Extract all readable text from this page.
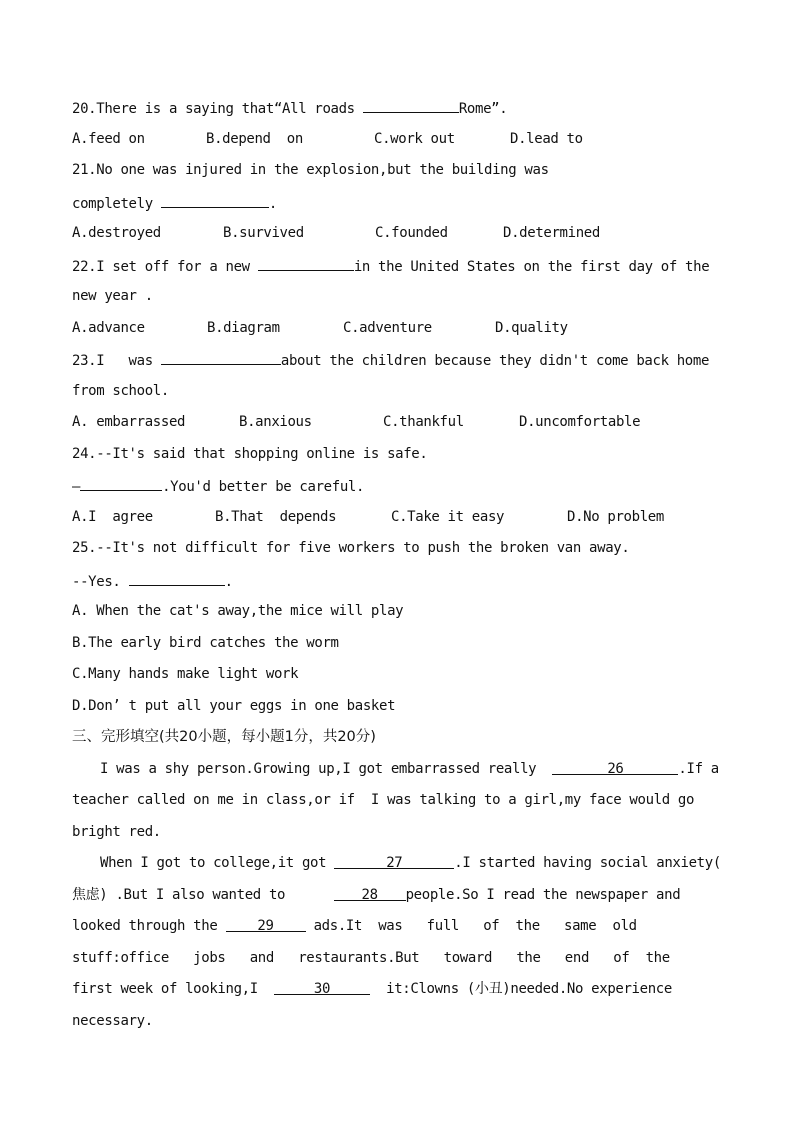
20.There is a saying that“All roads	Rome”.
A.feed on	B.depend  on	C.work out	D.lead to
21.No one was injured in the explosion,but the building was
completely	.
A.destroyed	B.survived	C.founded	D.determined
22.I set off for a new	in the United States on the first day of the
new year .
A.advance	B.diagram	C.adventure	D.quality
23.I   was	about the children because they didn't come back home
from school.
A. embarrassed	B.anxious	C.thankful	D.uncomfortable
24.--It's said that shopping online is safe.
—	.You'd better be careful.
A.I  agree	B.That  depends	C.Take it easy	D.No problem
25.--It's not difficult for five workers to push the broken van away.
--Yes.	.
A. When the cat's away,the mice will play
B.The early bird catches the worm
C.Many hands make light work
D.Don’ t put all your eggs in one basket
三、完形填空(共20小题，每小题1分，共20分)
I was a shy person.Growing up,I got embarrassed really	26	.If a
teacher called on me in class,or if  I was talking to a girl,my face would go
bright red.
When I got to college,it got	27	.I started having social anxiety(
焦虑) .But I also wanted to      28 people.So I read the newspaper and
looked through the 29 ads.It  was   full   of  the   same  old
stuff:office   jobs   and   restaurants.But   toward   the   end   of  the
first week of looking,I	30	it:Clowns (小丑)needed.No experience
necessary.
